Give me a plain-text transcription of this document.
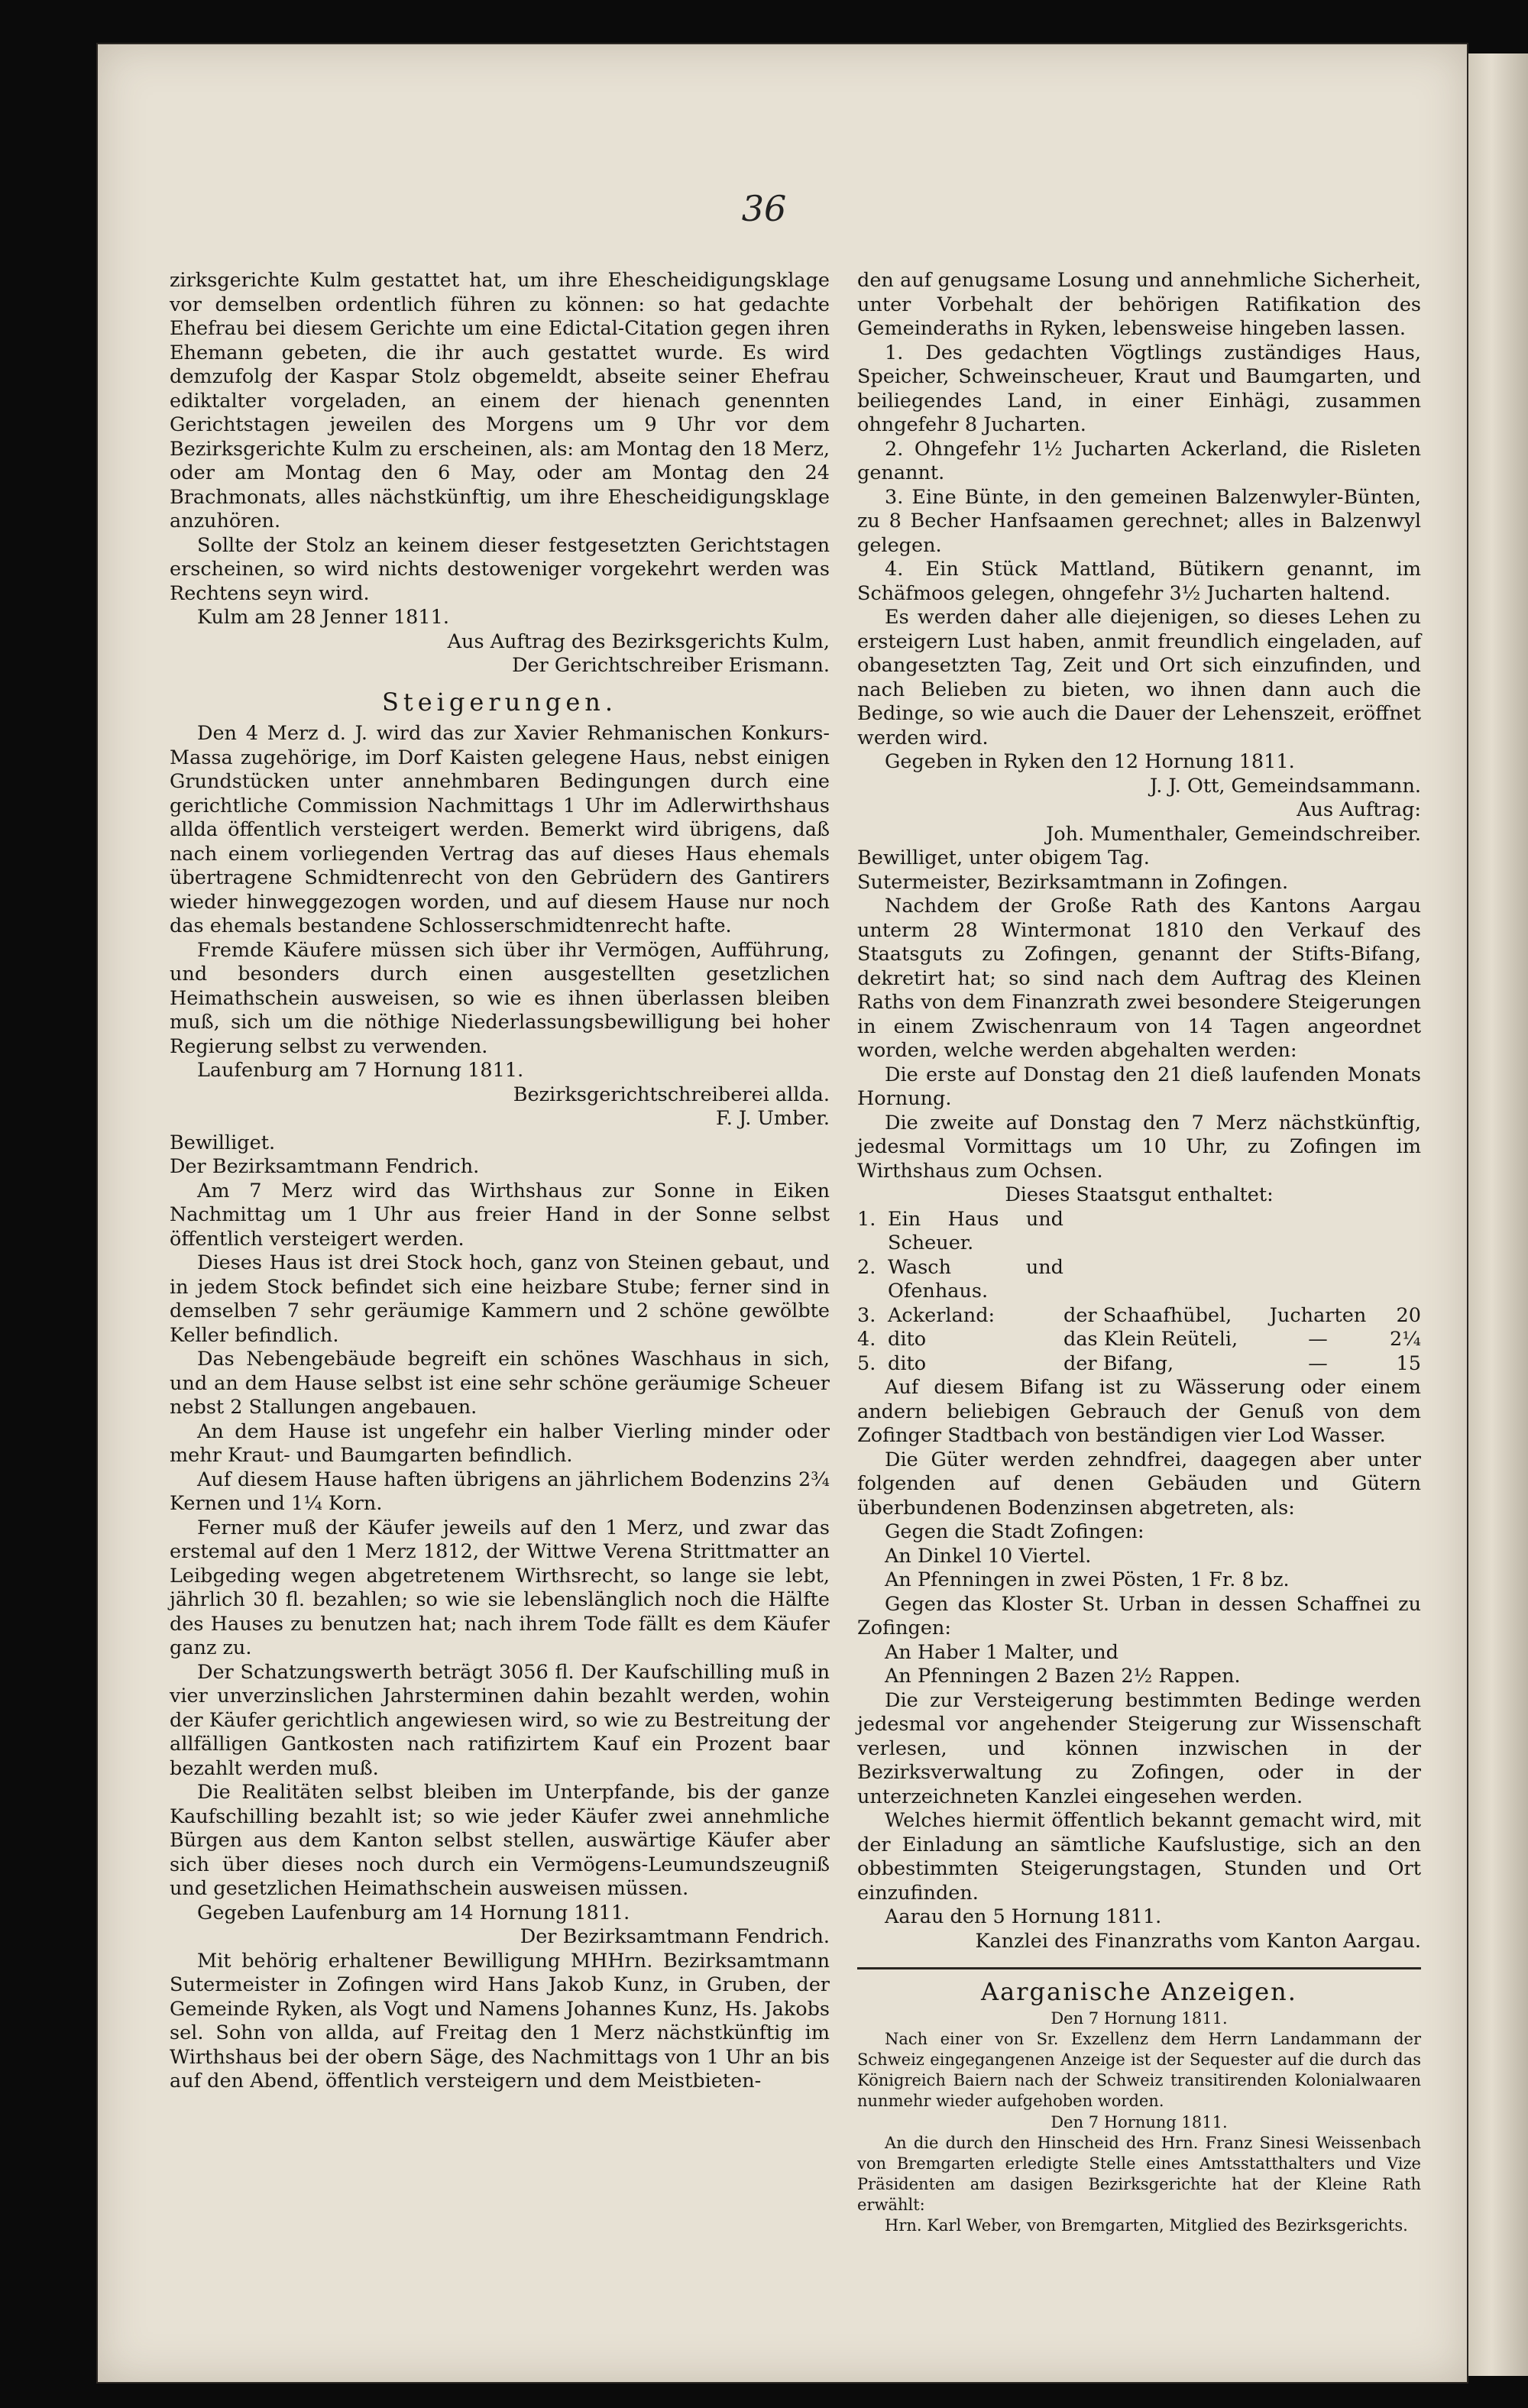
36

zirksgerichte Kulm gestattet hat, um ihre Ehescheidigungsklage vor demselben ordentlich führen zu können: so hat gedachte Ehefrau bei diesem Gerichte um eine Edictal-Citation gegen ihren Ehemann gebeten, die ihr auch gestattet wurde. Es wird demzufolg der Kaspar Stolz obgemeldt, abseite seiner Ehefrau ediktalter vorgeladen, an einem der hienach genennten Gerichtstagen jeweilen des Morgens um 9 Uhr vor dem Bezirksgerichte Kulm zu erscheinen, als: am Montag den 18 Merz, oder am Montag den 6 May, oder am Montag den 24 Brachmonats, alles nächstkünftig, um ihre Ehescheidigungsklage anzuhören.

Sollte der Stolz an keinem dieser festgesetzten Gerichtstagen erscheinen, so wird nichts destoweniger vorgekehrt werden was Rechtens seyn wird.

Kulm am 28 Jenner 1811.

Aus Auftrag des Bezirksgerichts Kulm,

Der Gerichtschreiber Erismann.

Steigerungen.

Den 4 Merz d. J. wird das zur Xavier Rehmanischen Konkurs-Massa zugehörige, im Dorf Kaisten gelegene Haus, nebst einigen Grundstücken unter annehmbaren Bedingungen durch eine gerichtliche Commission Nachmittags 1 Uhr im Adlerwirthshaus allda öffentlich versteigert werden. Bemerkt wird übrigens, daß nach einem vorliegenden Vertrag das auf dieses Haus ehemals übertragene Schmidtenrecht von den Gebrüdern des Gantirers wieder hinweggezogen worden, und auf diesem Hause nur noch das ehemals bestandene Schlosserschmidtenrecht hafte.

Fremde Käufere müssen sich über ihr Vermögen, Aufführung, und besonders durch einen ausgestellten gesetzlichen Heimathschein ausweisen, so wie es ihnen überlassen bleiben muß, sich um die nöthige Niederlassungsbewilligung bei hoher Regierung selbst zu verwenden.

Laufenburg am 7 Hornung 1811.

Bezirksgerichtschreiberei allda.

F. J. Umber.

Bewilliget.

Der Bezirksamtmann Fendrich.

Am 7 Merz wird das Wirthshaus zur Sonne in Eiken Nachmittag um 1 Uhr aus freier Hand in der Sonne selbst öffentlich versteigert werden.

Dieses Haus ist drei Stock hoch, ganz von Steinen gebaut, und in jedem Stock befindet sich eine heizbare Stube; ferner sind in demselben 7 sehr geräumige Kammern und 2 schöne gewölbte Keller befindlich.

Das Nebengebäude begreift ein schönes Waschhaus in sich, und an dem Hause selbst ist eine sehr schöne geräumige Scheuer nebst 2 Stallungen angebauen.

An dem Hause ist ungefehr ein halber Vierling minder oder mehr Kraut- und Baumgarten befindlich.

Auf diesem Hause haften übrigens an jährlichem Bodenzins 2¾ Kernen und 1¼ Korn.

Ferner muß der Käufer jeweils auf den 1 Merz, und zwar das erstemal auf den 1 Merz 1812, der Wittwe Verena Strittmatter an Leibgeding wegen abgetretenem Wirthsrecht, so lange sie lebt, jährlich 30 fl. bezahlen; so wie sie lebenslänglich noch die Hälfte des Hauses zu benutzen hat; nach ihrem Tode fällt es dem Käufer ganz zu.

Der Schatzungswerth beträgt 3056 fl. Der Kaufschilling muß in vier unverzinslichen Jahrsterminen dahin bezahlt werden, wohin der Käufer gerichtlich angewiesen wird, so wie zu Bestreitung der allfälligen Gantkosten nach ratifizirtem Kauf ein Prozent baar bezahlt werden muß.

Die Realitäten selbst bleiben im Unterpfande, bis der ganze Kaufschilling bezahlt ist; so wie jeder Käufer zwei annehmliche Bürgen aus dem Kanton selbst stellen, auswärtige Käufer aber sich über dieses noch durch ein Vermögens-Leumundszeugniß und gesetzlichen Heimathschein ausweisen müssen.

Gegeben Laufenburg am 14 Hornung 1811.

Der Bezirksamtmann Fendrich.

Mit behörig erhaltener Bewilligung MHHrn. Bezirksamtmann Sutermeister in Zofingen wird Hans Jakob Kunz, in Gruben, der Gemeinde Ryken, als Vogt und Namens Johannes Kunz, Hs. Jakobs sel. Sohn von allda, auf Freitag den 1 Merz nächstkünftig im Wirthshaus bei der obern Säge, des Nachmittags von 1 Uhr an bis auf den Abend, öffentlich versteigern und dem Meistbieten-

den auf genugsame Losung und annehmliche Sicherheit, unter Vorbehalt der behörigen Ratifikation des Gemeinderaths in Ryken, lebensweise hingeben lassen.

1. Des gedachten Vögtlings zuständiges Haus, Speicher, Schweinscheuer, Kraut und Baumgarten, und beiliegendes Land, in einer Einhägi, zusammen ohngefehr 8 Jucharten.

2. Ohngefehr 1½ Jucharten Ackerland, die Risleten genannt.

3. Eine Bünte, in den gemeinen Balzenwyler-Bünten, zu 8 Becher Hanfsaamen gerechnet; alles in Balzenwyl gelegen.

4. Ein Stück Mattland, Bütikern genannt, im Schäfmoos gelegen, ohngefehr 3½ Jucharten haltend.

Es werden daher alle diejenigen, so dieses Lehen zu ersteigern Lust haben, anmit freundlich eingeladen, auf obangesetzten Tag, Zeit und Ort sich einzufinden, und nach Belieben zu bieten, wo ihnen dann auch die Bedinge, so wie auch die Dauer der Lehenszeit, eröffnet werden wird.

Gegeben in Ryken den 12 Hornung 1811.

J. J. Ott, Gemeindsammann.

Aus Auftrag:

Joh. Mumenthaler, Gemeindschreiber.

Bewilliget, unter obigem Tag.

Sutermeister, Bezirksamtmann in Zofingen.

Nachdem der Große Rath des Kantons Aargau unterm 28 Wintermonat 1810 den Verkauf des Staatsguts zu Zofingen, genannt der Stifts-Bifang, dekretirt hat; so sind nach dem Auftrag des Kleinen Raths von dem Finanzrath zwei besondere Steigerungen in einem Zwischenraum von 14 Tagen angeordnet worden, welche werden abgehalten werden:

Die erste auf Donstag den 21 dieß laufenden Monats Hornung.

Die zweite auf Donstag den 7 Merz nächstkünftig, jedesmal Vormittags um 10 Uhr, zu Zofingen im Wirthshaus zum Ochsen.

Dieses Staatsgut enthaltet:

1. Ein Haus und Scheuer.
2. Wasch und Ofenhaus.
3. Ackerland:	der Schaafhübel,	Jucharten	20
4. dito	das Klein Reüteli,	—	2¼
5. dito	der Bifang,	—	15

Auf diesem Bifang ist zu Wässerung oder einem andern beliebigen Gebrauch der Genuß von dem Zofinger Stadtbach von beständigen vier Lod Wasser.

Die Güter werden zehndfrei, daagegen aber unter folgenden auf denen Gebäuden und Gütern überbundenen Bodenzinsen abgetreten, als:

Gegen die Stadt Zofingen:

An Dinkel 10 Viertel.

An Pfenningen in zwei Pösten, 1 Fr. 8 bz.

Gegen das Kloster St. Urban in dessen Schaffnei zu Zofingen:

An Haber 1 Malter, und

An Pfenningen 2 Bazen 2½ Rappen.

Die zur Versteigerung bestimmten Bedinge werden jedesmal vor angehender Steigerung zur Wissenschaft verlesen, und können inzwischen in der Bezirksverwaltung zu Zofingen, oder in der unterzeichneten Kanzlei eingesehen werden.

Welches hiermit öffentlich bekannt gemacht wird, mit der Einladung an sämtliche Kaufslustige, sich an den obbestimmten Steigerungstagen, Stunden und Ort einzufinden.

Aarau den 5 Hornung 1811.

Kanzlei des Finanzraths vom Kanton Aargau.

Aarganische Anzeigen.

Den 7 Hornung 1811.

Nach einer von Sr. Exzellenz dem Herrn Landammann der Schweiz eingegangenen Anzeige ist der Sequester auf die durch das Königreich Baiern nach der Schweiz transitirenden Kolonialwaaren nunmehr wieder aufgehoben worden.

Den 7 Hornung 1811.

An die durch den Hinscheid des Hrn. Franz Sinesi Weissenbach von Bremgarten erledigte Stelle eines Amtsstatthalters und Vize Präsidenten am dasigen Bezirksgerichte hat der Kleine Rath erwählt:

Hrn. Karl Weber, von Bremgarten, Mitglied des Bezirksgerichts.
